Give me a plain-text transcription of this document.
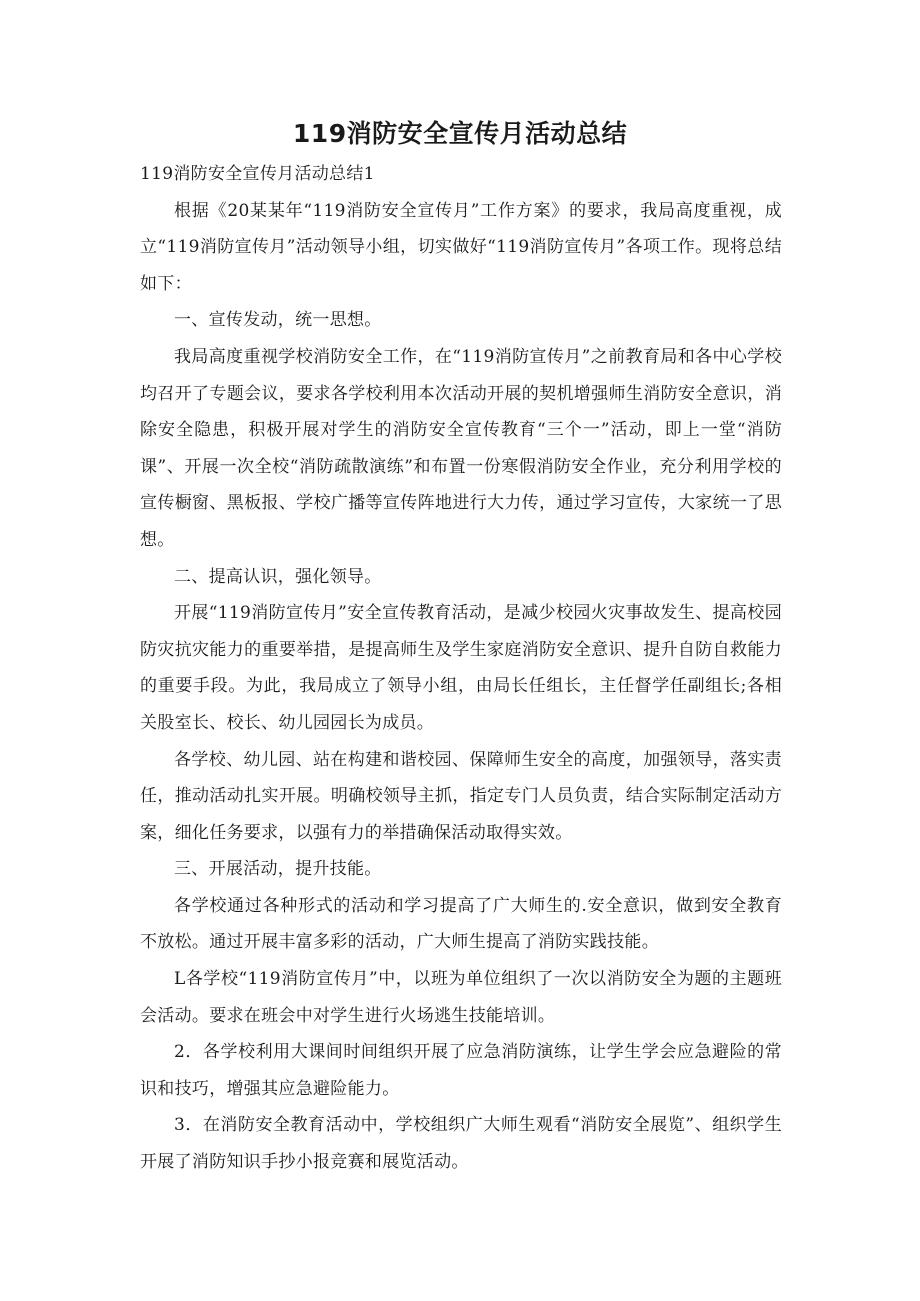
119消防安全宣传月活动总结

119消防安全宣传月活动总结1

根据《20某某年“119消防安全宣传月”工作方案》的要求，我局高度重视，成立“119消防宣传月”活动领导小组，切实做好“119消防宣传月”各项工作。现将总结如下：

一、宣传发动，统一思想。

我局高度重视学校消防安全工作，在“119消防宣传月”之前教育局和各中心学校均召开了专题会议，要求各学校利用本次活动开展的契机增强师生消防安全意识，消除安全隐患，积极开展对学生的消防安全宣传教育“三个一”活动，即上一堂“消防课”、开展一次全校“消防疏散演练”和布置一份寒假消防安全作业，充分利用学校的宣传橱窗、黑板报、学校广播等宣传阵地进行大力传，通过学习宣传，大家统一了思想。

二、提高认识，强化领导。

开展“119消防宣传月”安全宣传教育活动，是减少校园火灾事故发生、提高校园防灾抗灾能力的重要举措，是提高师生及学生家庭消防安全意识、提升自防自救能力的重要手段。为此，我局成立了领导小组，由局长任组长，主任督学任副组长;各相关股室长、校长、幼儿园园长为成员。

各学校、幼儿园、站在构建和谐校园、保障师生安全的高度，加强领导，落实责任，推动活动扎实开展。明确校领导主抓，指定专门人员负责，结合实际制定活动方案，细化任务要求，以强有力的举措确保活动取得实效。

三、开展活动，提升技能。

各学校通过各种形式的活动和学习提高了广大师生的.安全意识，做到安全教育不放松。通过开展丰富多彩的活动，广大师生提高了消防实践技能。

L各学校“119消防宣传月”中，以班为单位组织了一次以消防安全为题的主题班会活动。要求在班会中对学生进行火场逃生技能培训。

2．各学校利用大课间时间组织开展了应急消防演练，让学生学会应急避险的常识和技巧，增强其应急避险能力。

3．在消防安全教育活动中，学校组织广大师生观看“消防安全展览”、组织学生开展了消防知识手抄小报竞赛和展览活动。
